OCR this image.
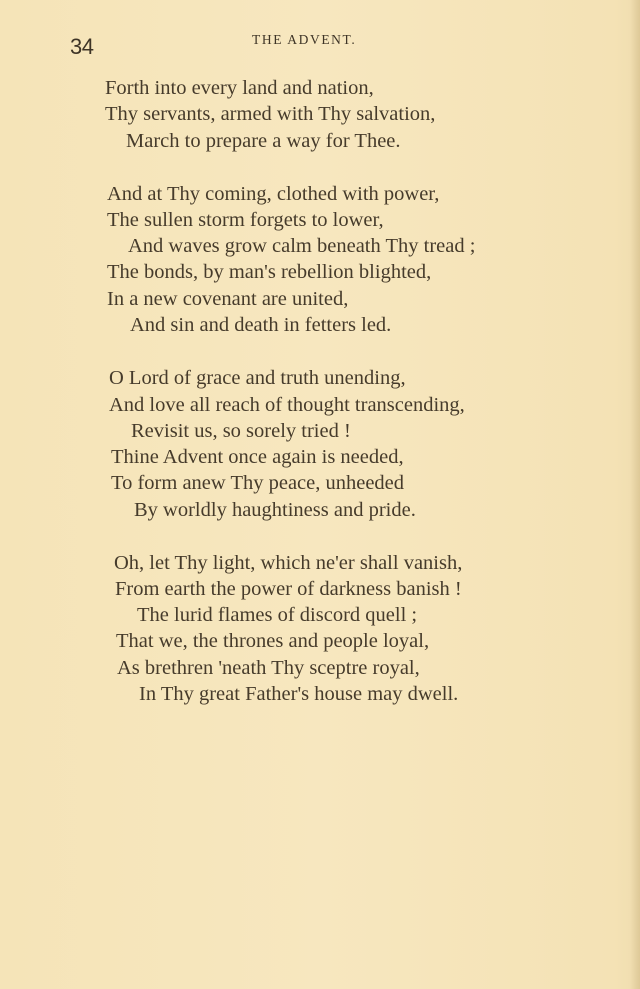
34	THE ADVENT.
Forth into every land and nation,
Thy servants, armed with Thy salvation,
March to prepare a way for Thee.
And at Thy coming, clothed with power,
The sullen storm forgets to lower,
And waves grow calm beneath Thy tread ;
The bonds, by man's rebellion blighted,
In a new covenant are united,
And sin and death in fetters led.
O Lord of grace and truth unending,
And love all reach of thought transcending,
Revisit us, so sorely tried !
Thine Advent once again is needed,
To form anew Thy peace, unheeded
By worldly haughtiness and pride.
Oh, let Thy light, which ne'er shall vanish,
From earth the power of darkness banish !
The lurid flames of discord quell ;
That we, the thrones and people loyal,
As brethren 'neath Thy sceptre royal,
In Thy great Father's house may dwell.
